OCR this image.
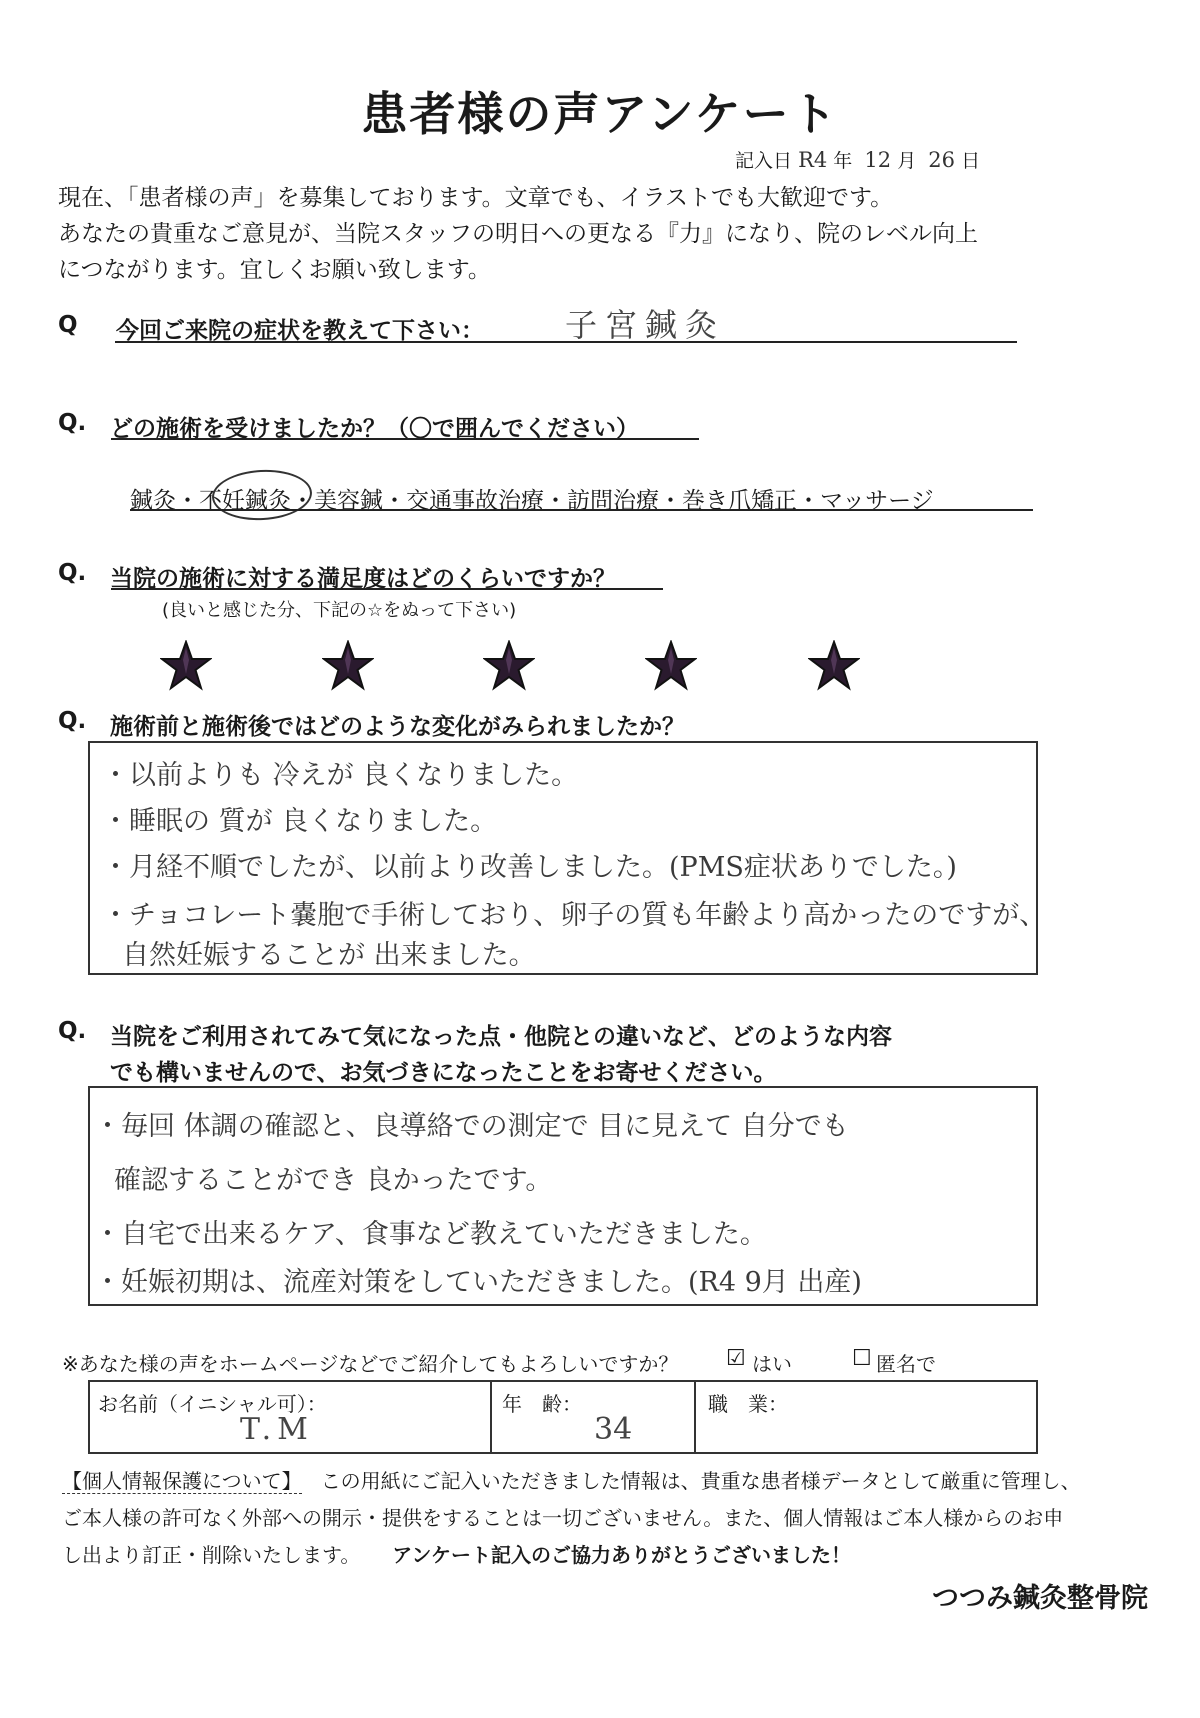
患者様の声アンケート
記入日 R4 年 12 月 26 日
現在、「患者様の声」を募集しております。文章でも、イラストでも大歓迎です。
あなたの貴重なご意見が、当院スタッフの明日への更なる『力』になり、院のレベル向上
につながります。宜しくお願い致します。
Q 今回ご来院の症状を教えて下さい：	子宮鍼灸
Q. どの施術を受けましたか？（〇で囲んでください）
鍼灸・不妊鍼灸・美容鍼・交通事故治療・訪問治療・巻き爪矯正・マッサージ
Q. 当院の施術に対する満足度はどのくらいですか？
(良いと感じた分、下記の☆をぬって下さい)
Q. 施術前と施術後ではどのような変化がみられましたか？
・以前よりも 冷えが 良くなりました。
・睡眠の 質が 良くなりました。
・月経不順でしたが、以前より改善しました。(PMS症状ありでした。)
・チョコレート嚢胞で手術しており、卵子の質も年齢より高かったのですが、
自然妊娠することが 出来ました。
Q. 当院をご利用されてみて気になった点・他院との違いなど、どのような内容
でも構いませんので、お気づきになったことをお寄せください。
・毎回 体調の確認と、良導絡での測定で 目に見えて 自分でも
確認することができ 良かったです。
・自宅で出来るケア、食事など教えていただきました。
・妊娠初期は、流産対策をしていただきました。(R4 9月 出産)
※あなた様の声をホームページなどでご紹介してもよろしいですか？ ☑ はい	☐ 匿名で
お名前（イニシャル可）：
T.M
年　齢：
34
職　業：
【個人情報保護について】 この用紙にご記入いただきました情報は、貴重な患者様データとして厳重に管理し、
ご本人様の許可なく外部への開示・提供をすることは一切ございません。また、個人情報はご本人様からのお申
し出より訂正・削除いたします。 アンケート記入のご協力ありがとうございました！
つつみ鍼灸整骨院
